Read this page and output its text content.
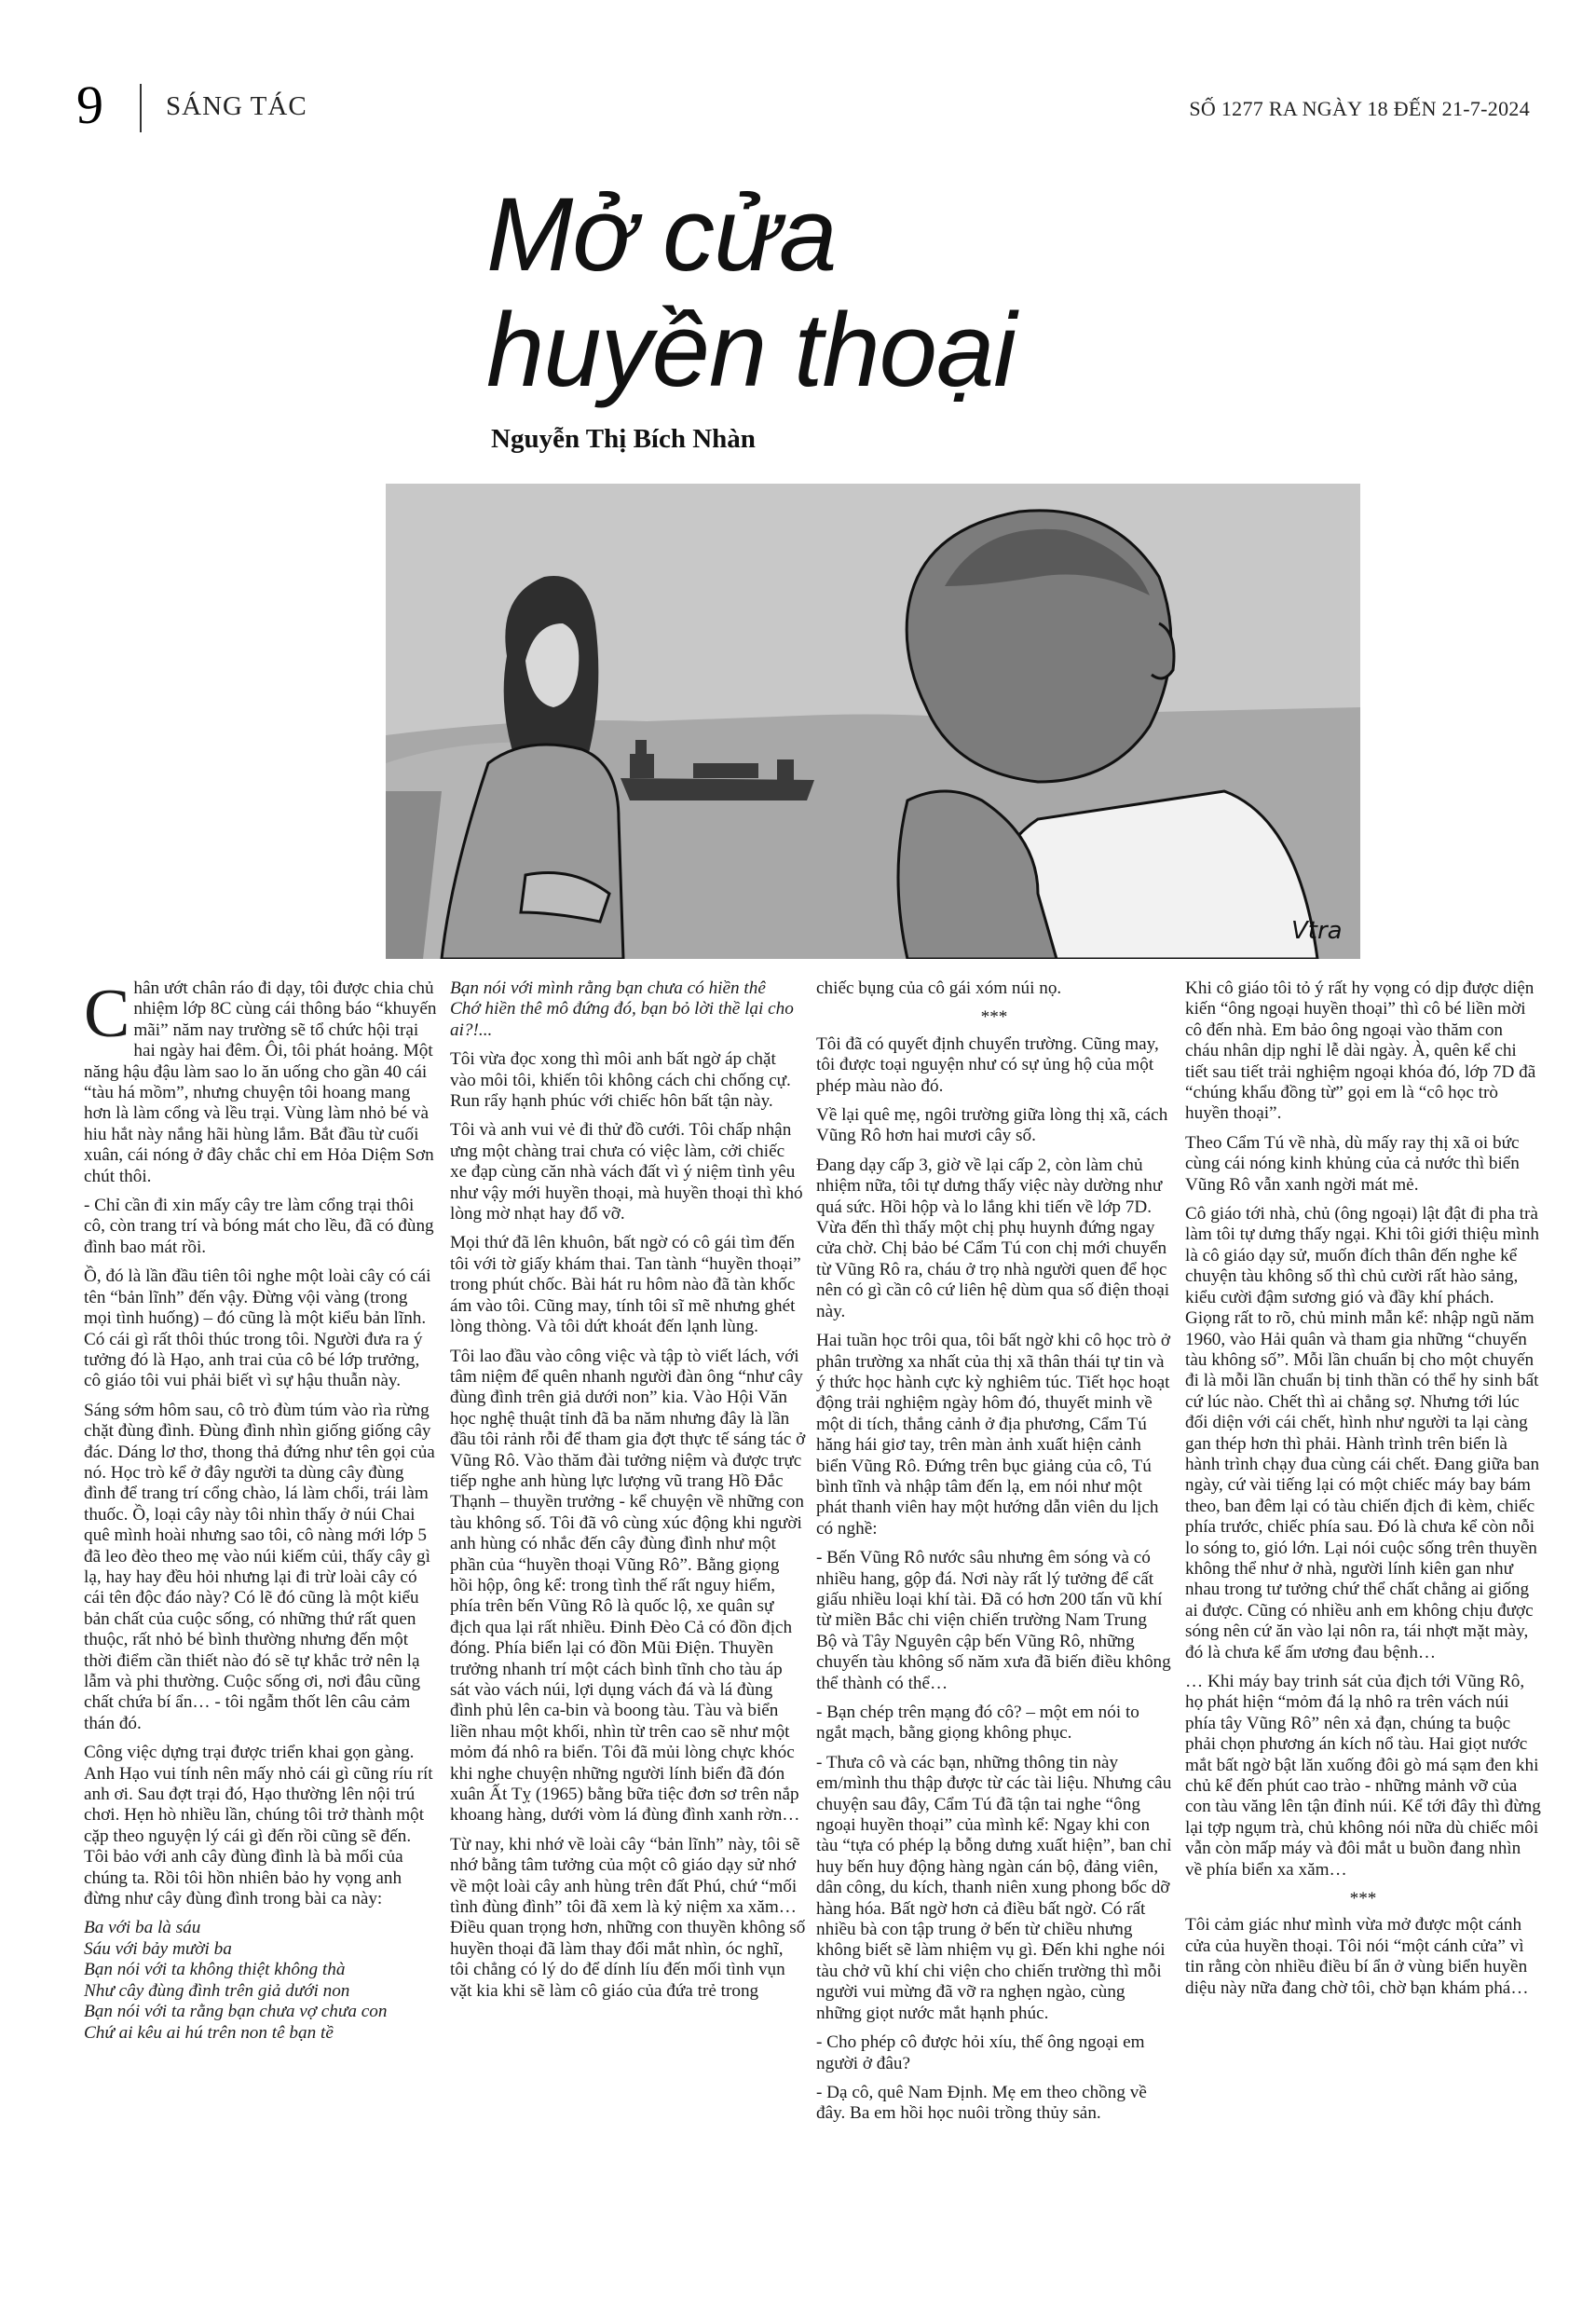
9 SÁNG TÁC	SỐ 1277 RA NGÀY 18 ĐẾN 21-7-2024
Mở cửa
huyền thoại
Nguyễn Thị Bích Nhàn
Vtra

Chân ướt chân ráo đi dạy, tôi được chia chủ nhiệm lớp 8C cùng cái thông báo “khuyến mãi” năm nay trường sẽ tổ chức hội trại hai ngày hai đêm. Ôi, tôi phát hoảng. Một năng hậu đậu làm sao lo ăn uống cho gần 40 cái “tàu há mồm”, nhưng chuyện tôi hoang mang hơn là làm cổng và lều trại. Vùng làm nhỏ bé và hiu hắt này nắng hãi hùng lắm. Bắt đầu từ cuối xuân, cái nóng ở đây chắc chỉ em Hỏa Diệm Sơn chút thôi.

- Chỉ cần đi xin mấy cây tre làm cổng trại thôi cô, còn trang trí và bóng mát cho lều, đã có đùng đình bao mát rồi.

Ồ, đó là lần đầu tiên tôi nghe một loài cây có cái tên “bản lĩnh” đến vậy. Đừng vội vàng (trong mọi tình huống) – đó cũng là một kiểu bản lĩnh. Có cái gì rất thôi thúc trong tôi. Người đưa ra ý tưởng đó là Hạo, anh trai của cô bé lớp trưởng, cô giáo tôi vui phải biết vì sự hậu thuẫn này.

Sáng sớm hôm sau, cô trò đùm túm vào rìa rừng chặt đùng đình. Đùng đình nhìn giống giống cây đác. Dáng lơ thơ, thong thả đứng như tên gọi của nó. Học trò kể ở đây người ta dùng cây đùng đình để trang trí cổng chào, lá làm chổi, trái làm thuốc. Ồ, loại cây này tôi nhìn thấy ở núi Chai quê mình hoài nhưng sao tôi, cô nàng mới lớp 5 đã leo đèo theo mẹ vào núi kiếm củi, thấy cây gì lạ, hay hay đều hỏi nhưng lại đi trừ loài cây có cái tên độc đáo này? Có lẽ đó cũng là một kiểu bản chất của cuộc sống, có những thứ rất quen thuộc, rất nhỏ bé bình thường nhưng đến một thời điểm cần thiết nào đó sẽ tự khắc trở nên lạ lẫm và phi thường. Cuộc sống ơi, nơi đâu cũng chất chứa bí ẩn… - tôi ngẫm thốt lên câu cảm thán đó.

Công việc dựng trại được triển khai gọn gàng. Anh Hạo vui tính nên mấy nhỏ cái gì cũng ríu rít anh ơi. Sau đợt trại đó, Hạo thường lên nội trú chơi. Hẹn hò nhiều lần, chúng tôi trở thành một cặp theo nguyện lý cái gì đến rồi cũng sẽ đến. Tôi bảo với anh cây đùng đình là bà mối của chúng ta. Rồi tôi hồn nhiên bảo hy vọng anh đừng như cây đùng đình trong bài ca này:

Ba với ba là sáu

Sáu với bảy mười ba

Bạn nói với ta không thiệt không thà

Như cây đùng đình trên giả dưới non

Bạn nói với ta rằng bạn chưa vợ chưa con

Chứ ai kêu ai hú trên non tê bạn tề

Bạn nói với mình rằng bạn chưa có hiền thê

Chớ hiền thê mô đứng đó, bạn bỏ lời thề lại cho ai?!...

Tôi vừa đọc xong thì môi anh bất ngờ áp chặt vào môi tôi, khiến tôi không cách chi chống cự. Run rẩy hạnh phúc với chiếc hôn bất tận này.

Tôi và anh vui vẻ đi thử đồ cưới. Tôi chấp nhận ưng một chàng trai chưa có việc làm, cởi chiếc xe đạp cùng căn nhà vách đất vì ý niệm tình yêu như vậy mới huyền thoại, mà huyền thoại thì khó lòng mờ nhạt hay đổ vỡ.

Mọi thứ đã lên khuôn, bất ngờ có cô gái tìm đến tôi với tờ giấy khám thai. Tan tành “huyền thoại” trong phút chốc. Bài hát ru hôm nào đã tàn khốc ám vào tôi. Cũng may, tính tôi sĩ mẽ nhưng ghét lòng thòng. Và tôi dứt khoát đến lạnh lùng.

Tôi lao đầu vào công việc và tập tò viết lách, với tâm niệm để quên nhanh người đàn ông “như cây đùng đình trên giả dưới non” kia. Vào Hội Văn học nghệ thuật tỉnh đã ba năm nhưng đây là lần đầu tôi rảnh rỗi để tham gia đợt thực tế sáng tác ở Vũng Rô. Vào thăm đài tưởng niệm và được trực tiếp nghe anh hùng lực lượng vũ trang Hồ Đắc Thạnh – thuyền trưởng - kể chuyện về những con tàu không số. Tôi đã vô cùng xúc động khi người anh hùng có nhắc đến cây đùng đình như một phần của “huyền thoại Vũng Rô”. Bằng giọng hồi hộp, ông kể: trong tình thế rất nguy hiểm, phía trên bến Vũng Rô là quốc lộ, xe quân sự địch qua lại rất nhiều. Đinh Đèo Cả có đồn địch đóng. Phía biển lại có đồn Mũi Điện. Thuyền trưởng nhanh trí một cách bình tĩnh cho tàu áp sát vào vách núi, lợi dụng vách đá và lá đùng đình phủ lên ca-bin và boong tàu. Tàu và biển liền nhau một khối, nhìn từ trên cao sẽ như một mỏm đá nhô ra biển. Tôi đã mủi lòng chực khóc khi nghe chuyện những người lính biển đã đón xuân Ất Tỵ (1965) bằng bữa tiệc đơn sơ trên nắp khoang hàng, dưới vòm lá đùng đình xanh rờn…

Từ nay, khi nhớ về loài cây “bản lĩnh” này, tôi sẽ nhớ bằng tâm tưởng của một cô giáo dạy sử nhớ về một loài cây anh hùng trên đất Phú, chứ “mối tình đùng đình” tôi đã xem là kỷ niệm xa xăm… Điều quan trọng hơn, những con thuyền không số huyền thoại đã làm thay đổi mắt nhìn, óc nghĩ, tôi chẳng có lý do để dính líu đến mối tình vụn vặt kia khi sẽ làm cô giáo của đứa trẻ trong

chiếc bụng của cô gái xóm núi nọ.

***

Tôi đã có quyết định chuyển trường. Cũng may, tôi được toại nguyện như có sự ủng hộ của một phép màu nào đó.

Về lại quê mẹ, ngôi trường giữa lòng thị xã, cách Vũng Rô hơn hai mươi cây số.

Đang dạy cấp 3, giờ về lại cấp 2, còn làm chủ nhiệm nữa, tôi tự dưng thấy việc này dường như quá sức. Hồi hộp và lo lắng khi tiến về lớp 7D. Vừa đến thì thấy một chị phụ huynh đứng ngay cửa chờ. Chị bảo bé Cẩm Tú con chị mới chuyển từ Vũng Rô ra, cháu ở trọ nhà người quen để học nên có gì cần cô cứ liên hệ dùm qua số điện thoại này.

Hai tuần học trôi qua, tôi bất ngờ khi cô học trò ở phân trường xa nhất của thị xã thân thái tự tin và ý thức học hành cực kỳ nghiêm túc. Tiết học hoạt động trải nghiệm ngày hôm đó, thuyết minh về một di tích, thắng cảnh ở địa phương, Cẩm Tú hăng hái giơ tay, trên màn ảnh xuất hiện cảnh biển Vũng Rô. Đứng trên bục giảng của cô, Tú bình tĩnh và nhập tâm đến lạ, em nói như một phát thanh viên hay một hướng dẫn viên du lịch có nghề:

- Bến Vũng Rô nước sâu nhưng êm sóng và có nhiều hang, gộp đá. Nơi này rất lý tưởng để cất giấu nhiều loại khí tài. Đã có hơn 200 tấn vũ khí từ miền Bắc chi viện chiến trường Nam Trung Bộ và Tây Nguyên cập bến Vũng Rô, những chuyến tàu không số năm xưa đã biến điều không thể thành có thể…

- Bạn chép trên mạng đó cô? – một em nói to ngắt mạch, bằng giọng không phục.

- Thưa cô và các bạn, những thông tin này em/mình thu thập được từ các tài liệu. Nhưng câu chuyện sau đây, Cẩm Tú đã tận tai nghe “ông ngoại huyền thoại” của mình kể: Ngay khi con tàu “tựa có phép lạ bỗng dưng xuất hiện”, ban chỉ huy bến huy động hàng ngàn cán bộ, đảng viên, dân công, du kích, thanh niên xung phong bốc dỡ hàng hóa. Bất ngờ hơn cả điều bất ngờ. Có rất nhiều bà con tập trung ở bến từ chiều nhưng không biết sẽ làm nhiệm vụ gì. Đến khi nghe nói tàu chở vũ khí chi viện cho chiến trường thì mỗi người vui mừng đã vỡ ra nghẹn ngào, cùng những giọt nước mắt hạnh phúc.

- Cho phép cô được hỏi xíu, thế ông ngoại em người ở đâu?

- Dạ cô, quê Nam Định. Mẹ em theo chồng về đây. Ba em hồi học nuôi trồng thủy sản.

Khi cô giáo tôi tỏ ý rất hy vọng có dịp được diện kiến “ông ngoại huyền thoại” thì cô bé liền mời cô đến nhà. Em bảo ông ngoại vào thăm con cháu nhân dịp nghỉ lễ dài ngày. À, quên kể chi tiết sau tiết trải nghiệm ngoại khóa đó, lớp 7D đã “chúng khẩu đồng từ” gọi em là “cô học trò huyền thoại”.

Theo Cẩm Tú về nhà, dù mấy ray thị xã oi bức cùng cái nóng kinh khủng của cả nước thì biển Vũng Rô vẫn xanh ngời mát mẻ.

Cô giáo tới nhà, chủ (ông ngoại) lật đật đi pha trà làm tôi tự dưng thấy ngại. Khi tôi giới thiệu mình là cô giáo dạy sử, muốn đích thân đến nghe kể chuyện tàu không số thì chủ cười rất hào sảng, kiểu cười đậm sương gió và đầy khí phách. Giọng rất to rõ, chủ minh mẫn kể: nhập ngũ năm 1960, vào Hải quân và tham gia những “chuyến tàu không số”. Mỗi lần chuẩn bị cho một chuyến đi là mỗi lần chuẩn bị tinh thần có thể hy sinh bất cứ lúc nào. Chết thì ai chẳng sợ. Nhưng tới lúc đối diện với cái chết, hình như người ta lại càng gan thép hơn thì phải. Hành trình trên biển là hành trình chạy đua cùng cái chết. Đang giữa ban ngày, cứ vài tiếng lại có một chiếc máy bay bám theo, ban đêm lại có tàu chiến địch đi kèm, chiếc phía trước, chiếc phía sau. Đó là chưa kể còn nỗi lo sóng to, gió lớn. Lại nói cuộc sống trên thuyền không thể như ở nhà, người lính kiên gan như nhau trong tư tưởng chứ thể chất chẳng ai giống ai được. Cũng có nhiều anh em không chịu được sóng nên cứ ăn vào lại nôn ra, tái nhợt mặt mày, đó là chưa kể ấm ương đau bệnh…

… Khi máy bay trinh sát của địch tới Vũng Rô, họ phát hiện “mỏm đá lạ nhô ra trên vách núi phía tây Vũng Rô” nên xả đạn, chúng ta buộc phải chọn phương án kích nổ tàu. Hai giọt nước mắt bất ngờ bật lăn xuống đôi gò má sạm đen khi chủ kể đến phút cao trào - những mảnh vỡ của con tàu văng lên tận đỉnh núi. Kể tới đây thì đừng lại tợp ngụm trà, chủ không nói nữa dù chiếc môi vẫn còn mấp máy và đôi mắt u buồn đang nhìn về phía biển xa xăm…

***

Tôi cảm giác như mình vừa mở được một cánh cửa của huyền thoại. Tôi nói “một cánh cửa” vì tin rằng còn nhiều điều bí ẩn ở vùng biển huyền diệu này nữa đang chờ tôi, chờ bạn khám phá…
